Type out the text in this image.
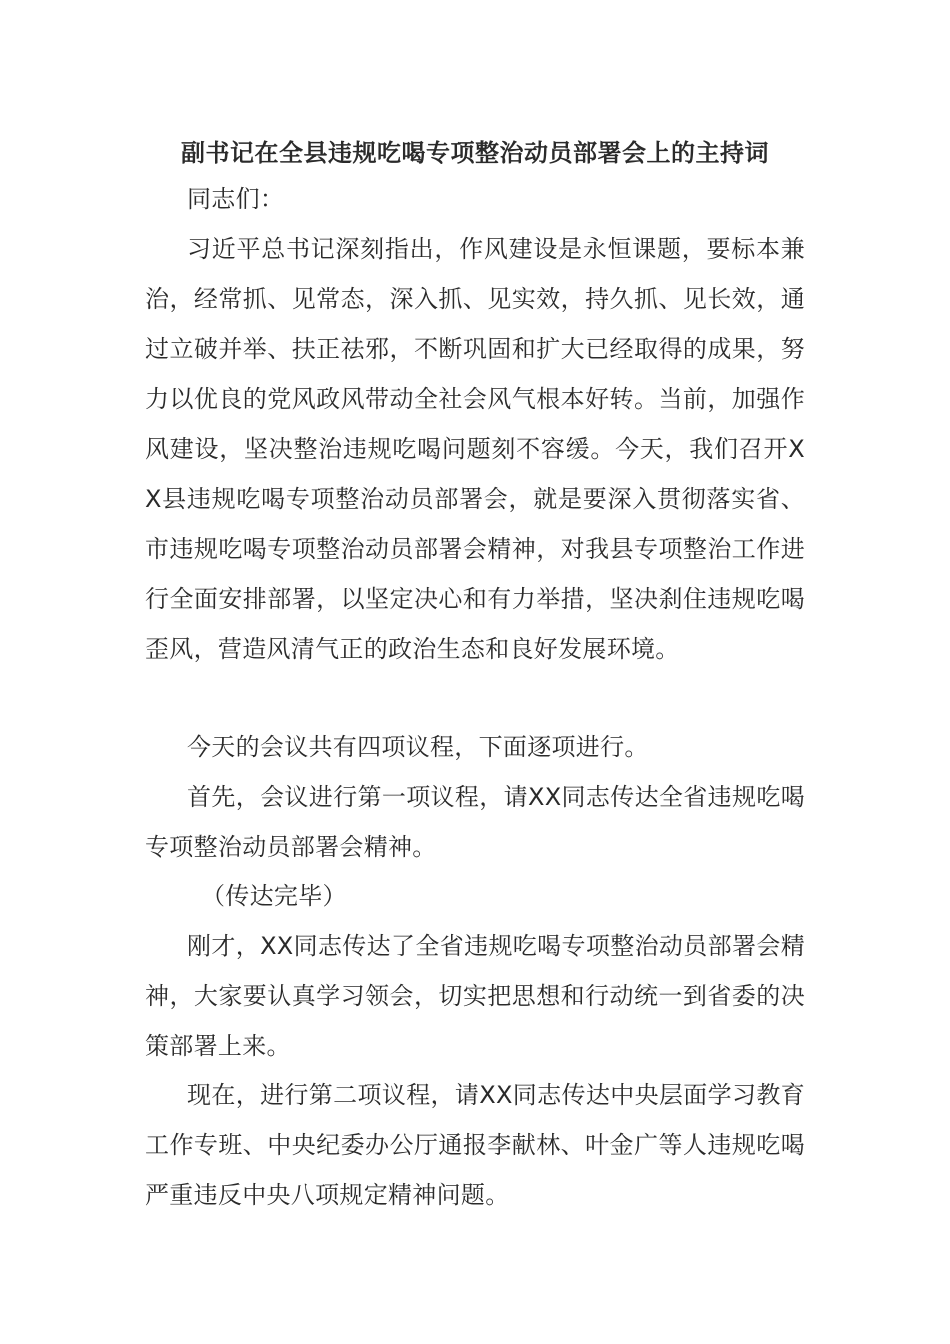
副书记在全县违规吃喝专项整治动员部署会上的主持词

同志们：

习近平总书记深刻指出，作风建设是永恒课题，要标本兼治，经常抓、见常态，深入抓、见实效，持久抓、见长效，通过立破并举、扶正祛邪，不断巩固和扩大已经取得的成果，努力以优良的党风政风带动全社会风气根本好转。当前，加强作风建设，坚决整治违规吃喝问题刻不容缓。今天，我们召开XX县违规吃喝专项整治动员部署会，就是要深入贯彻落实省、市违规吃喝专项整治动员部署会精神，对我县专项整治工作进行全面安排部署，以坚定决心和有力举措，坚决刹住违规吃喝歪风，营造风清气正的政治生态和良好发展环境。

今天的会议共有四项议程，下面逐项进行。

首先，会议进行第一项议程，请XX同志传达全省违规吃喝专项整治动员部署会精神。

（传达完毕）

刚才，XX同志传达了全省违规吃喝专项整治动员部署会精神，大家要认真学习领会，切实把思想和行动统一到省委的决策部署上来。

现在，进行第二项议程，请XX同志传达中央层面学习教育工作专班、中央纪委办公厅通报李献林、叶金广等人违规吃喝严重违反中央八项规定精神问题。
